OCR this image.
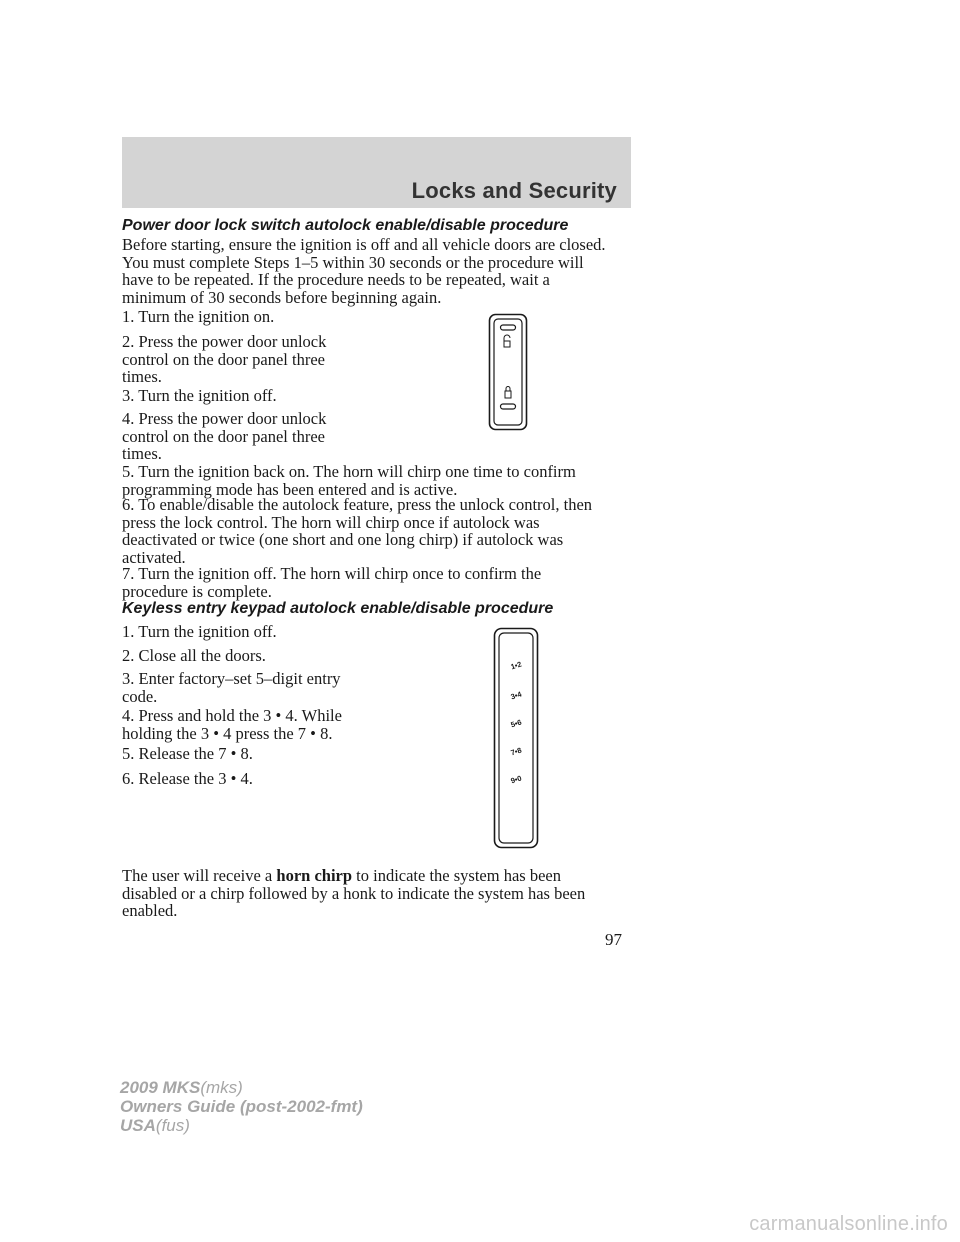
Locks and Security
Power door lock switch autolock enable/disable procedure
Before starting, ensure the ignition is off and all vehicle doors are closed.
You must complete Steps 1–5 within 30 seconds or the procedure will
have to be repeated. If the procedure needs to be repeated, wait a
minimum of 30 seconds before beginning again.
1. Turn the ignition on.
2. Press the power door unlock
control on the door panel three
times.
3. Turn the ignition off.
4. Press the power door unlock
control on the door panel three
times.
5. Turn the ignition back on. The horn will chirp one time to confirm
programming mode has been entered and is active.
6. To enable/disable the autolock feature, press the unlock control, then
press the lock control. The horn will chirp once if autolock was
deactivated or twice (one short and one long chirp) if autolock was
activated.
7. Turn the ignition off. The horn will chirp once to confirm the
procedure is complete.
Keyless entry keypad autolock enable/disable procedure
1. Turn the ignition off.
2. Close all the doors.
3. Enter factory–set 5–digit entry
code.
4. Press and hold the 3 • 4. While
holding the 3 • 4 press the 7 • 8.
5. Release the 7 • 8.
6. Release the 3 • 4.
1•2
3•4
5•6
7•8
9•0
The user will receive a horn chirp to indicate the system has been
disabled or a chirp followed by a honk to indicate the system has been
enabled.
97
2009 MKS(mks)
Owners Guide (post-2002-fmt)
USA(fus)
carmanualsonline.info
